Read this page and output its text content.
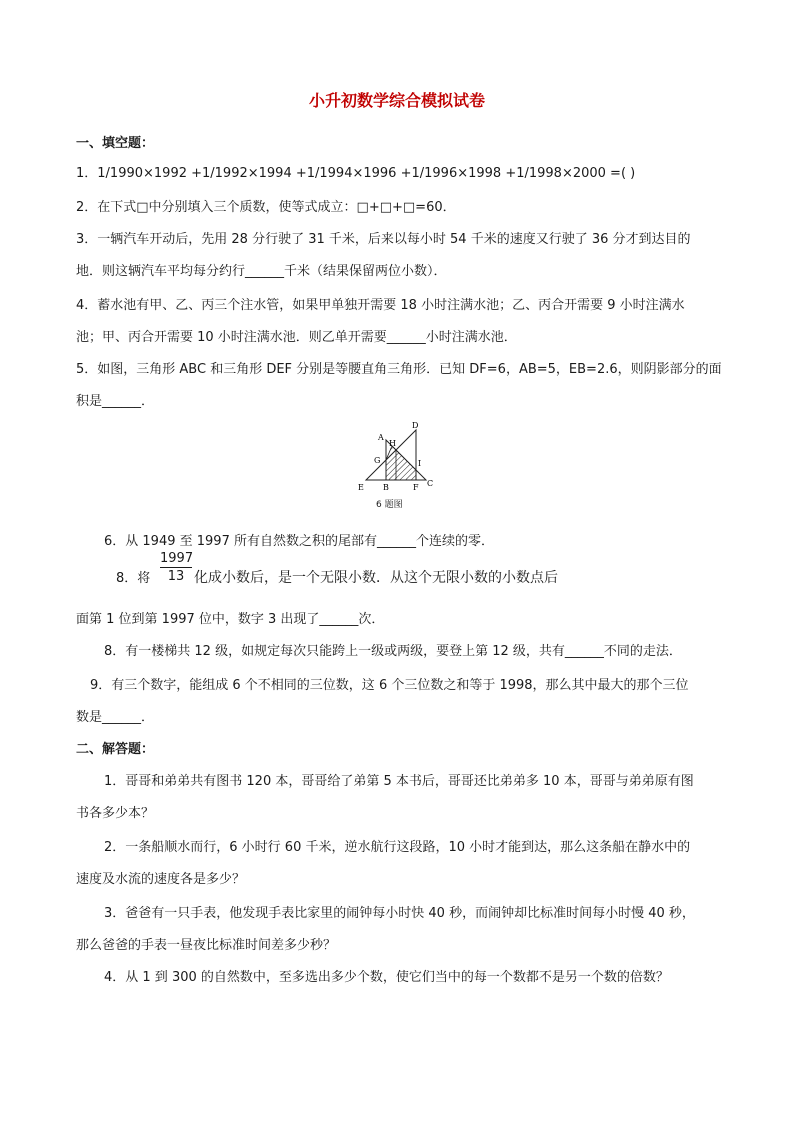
小升初数学综合模拟试卷
一、填空题：
1．1/1990×1992 +1/1992×1994 +1/1994×1996 +1/1996×1998 +1/1998×2000 =( )
2．在下式□中分别填入三个质数，使等式成立：□+□+□=60．
3．一辆汽车开动后，先用 28 分行驶了 31 千米，后来以每小时 54 千米的速度又行驶了 36 分才到达目的
地．则这辆汽车平均每分约行______千米（结果保留两位小数）．
4．蓄水池有甲、乙、丙三个注水管，如果甲单独开需要 18 小时注满水池；乙、丙合开需要 9 小时注满水
池；甲、丙合开需要 10 小时注满水池．则乙单开需要______小时注满水池．
5．如图，三角形 ABC 和三角形 DEF 分别是等腰直角三角形．已知 DF=6，AB=5，EB=2.6，则阴影部分的面
积是______．
A
H
D
G	I
E B	F C
6 题图
6．从 1949 至 1997 所有自然数之积的尾部有______个连续的零．
8．将 $\frac{1997}{13}$ 化成小数后，是一个无限小数．从这个无限小数的小数点后
面第 1 位到第 1997 位中，数字 3 出现了______次．
8．有一楼梯共 12 级，如规定每次只能跨上一级或两级，要登上第 12 级，共有______不同的走法．
9．有三个数字，能组成 6 个不相同的三位数，这 6 个三位数之和等于 1998，那么其中最大的那个三位
数是______．
二、解答题：
1．哥哥和弟弟共有图书 120 本，哥哥给了弟第 5 本书后，哥哥还比弟弟多 10 本，哥哥与弟弟原有图
书各多少本？
2．一条船顺水而行，6 小时行 60 千米，逆水航行这段路，10 小时才能到达，那么这条船在静水中的
速度及水流的速度各是多少？
3．爸爸有一只手表，他发现手表比家里的闹钟每小时快 40 秒，而闹钟却比标准时间每小时慢 40 秒，
那么爸爸的手表一昼夜比标准时间差多少秒？
4．从 1 到 300 的自然数中，至多选出多少个数，使它们当中的每一个数都不是另一个数的倍数？
